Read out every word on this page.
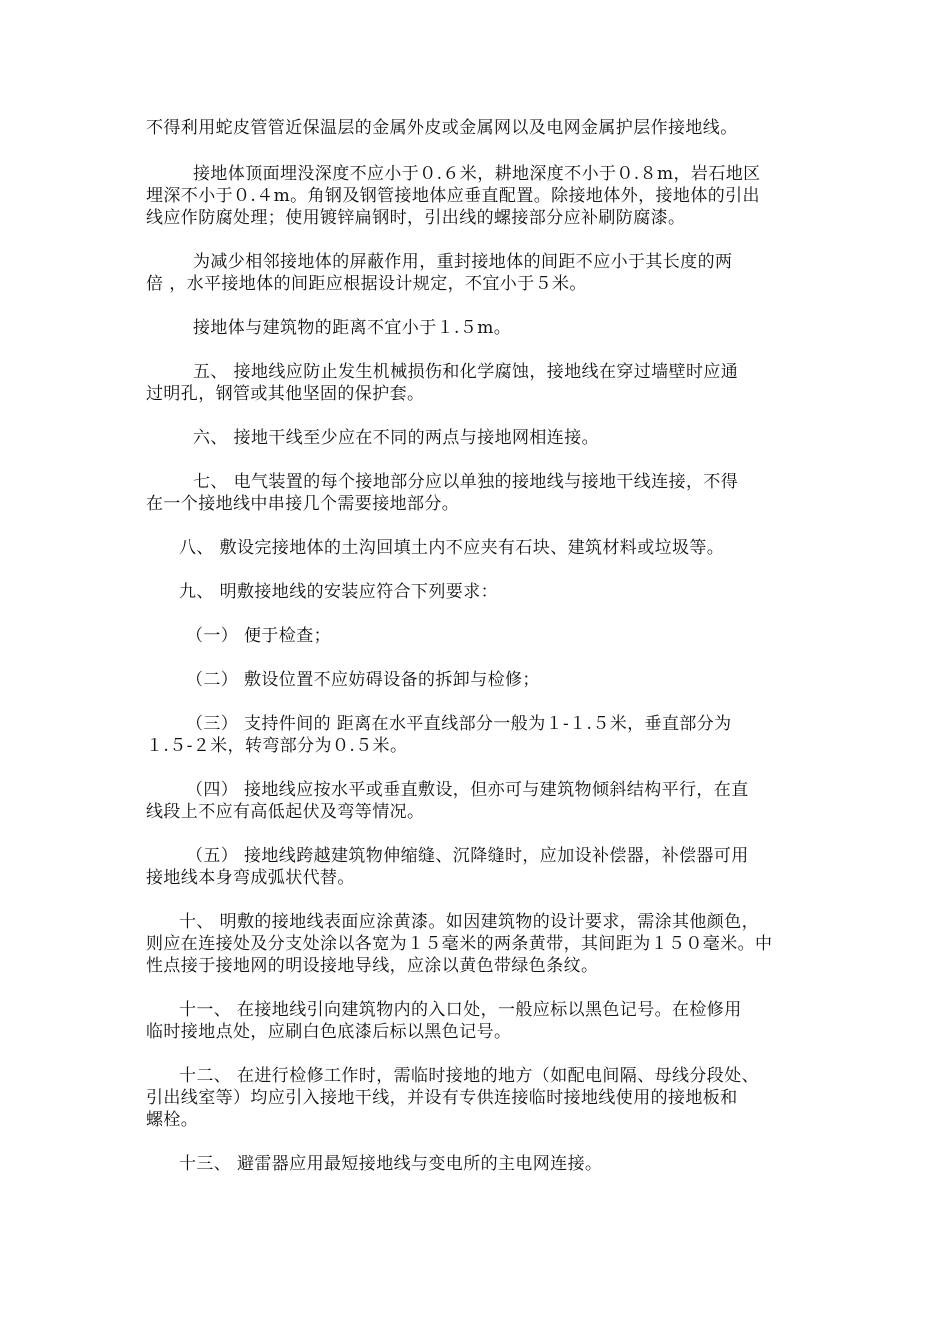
不得利用蛇皮管管近保温层的金属外皮或金属网以及电网金属护层作接地线。
接地体顶面埋没深度不应小于０.６米，耕地深度不小于０.８m，岩石地区
埋深不小于０.４m。角钢及钢管接地体应垂直配置。除接地体外，接地体的引出
线应作防腐处理；使用镀锌扁钢时，引出线的螺接部分应补刷防腐漆。
为减少相邻接地体的屏蔽作用，重封接地体的间距不应小于其长度的两
倍 ，水平接地体的间距应根据设计规定，不宜小于５米。
接地体与建筑物的距离不宜小于１.５m。
五、 接地线应防止发生机械损伤和化学腐蚀，接地线在穿过墙壁时应通
过明孔，钢管或其他坚固的保护套。
六、 接地干线至少应在不同的两点与接地网相连接。
七、 电气装置的每个接地部分应以单独的接地线与接地干线连接，不得
在一个接地线中串接几个需要接地部分。
八、 敷设完接地体的土沟回填土内不应夹有石块、建筑材料或垃圾等。
九、 明敷接地线的安装应符合下列要求：
（一） 便于检查；
（二） 敷设位置不应妨碍设备的拆卸与检修；
（三） 支持件间的 距离在水平直线部分一般为１-１.５米，垂直部分为
１.５-２米，转弯部分为０.５米。
（四） 接地线应按水平或垂直敷设，但亦可与建筑物倾斜结构平行，在直
线段上不应有高低起伏及弯等情况。
（五） 接地线跨越建筑物伸缩缝、沉降缝时，应加设补偿器，补偿器可用
接地线本身弯成弧状代替。
十、 明敷的接地线表面应涂黄漆。如因建筑物的设计要求，需涂其他颜色，
则应在连接处及分支处涂以各宽为１５毫米的两条黄带，其间距为１５０毫米。中
性点接于接地网的明设接地导线，应涂以黄色带绿色条纹。
十一、 在接地线引向建筑物内的入口处，一般应标以黑色记号。在检修用
临时接地点处，应刷白色底漆后标以黑色记号。
十二、 在进行检修工作时，需临时接地的地方（如配电间隔、母线分段处、
引出线室等）均应引入接地干线，并设有专供连接临时接地线使用的接地板和
螺栓。
十三、 避雷器应用最短接地线与变电所的主电网连接。
